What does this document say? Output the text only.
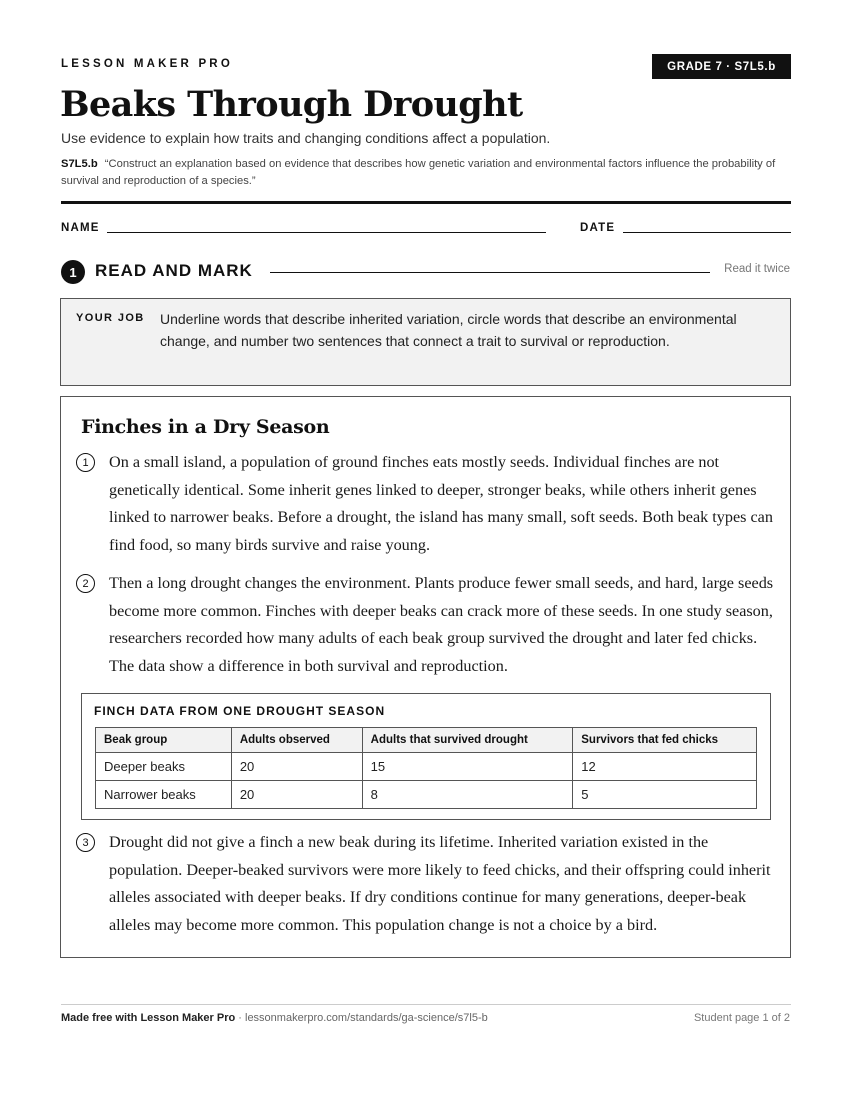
LESSON MAKER PRO	GRADE 7 · S7L5.b
Beaks Through Drought
Use evidence to explain how traits and changing conditions affect a population.
S7L5.b “Construct an explanation based on evidence that describes how genetic variation and environmental factors influence the probability of survival and reproduction of a species.”
NAME	DATE
1	READ AND MARK	Read it twice
YOUR JOB Underline words that describe inherited variation, circle words that describe an environmental change, and number two sentences that connect a trait to survival or reproduction.
Finches in a Dry Season
1	On a small island, a population of ground finches eats mostly seeds. Individual finches are not genetically identical. Some inherit genes linked to deeper, stronger beaks, while others inherit genes linked to narrower beaks. Before a drought, the island has many small, soft seeds. Both beak types can find food, so many birds survive and raise young.

2	Then a long drought changes the environment. Plants produce fewer small seeds, and hard, large seeds become more common. Finches with deeper beaks can crack more of these seeds. In one study season, researchers recorded how many adults of each beak group survived the drought and later fed chicks. The data show a difference in both survival and reproduction.

FINCH DATA FROM ONE DROUGHT SEASON
Beak group	Adults observed	Adults that survived drought	Survivors that fed chicks
Deeper beaks	20	15	12
Narrower beaks	20	8	5
3	Drought did not give a finch a new beak during its lifetime. Inherited variation existed in the population. Deeper-beaked survivors were more likely to feed chicks, and their offspring could inherit alleles associated with deeper beaks. If dry conditions continue for many generations, deeper-beak alleles may become more common. This population change is not a choice by a bird.

Made free with Lesson Maker Pro · lessonmakerpro.com/standards/ga-science/s7l5-b	Student page 1 of 2
